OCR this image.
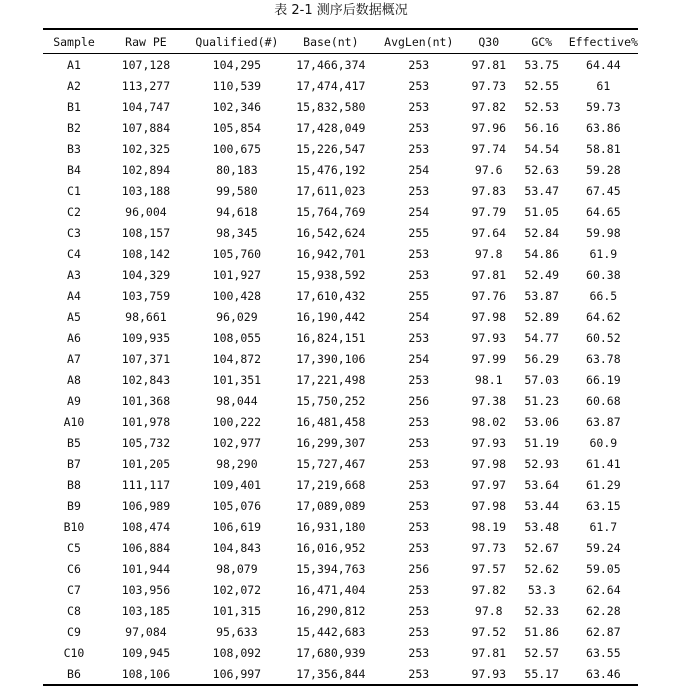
表 2-1 测序后数据概况
Sample	Raw PE	Qualified(#)	Base(nt)	AvgLen(nt)	Q30	GC%	Effective%
A1	107,128	104,295	17,466,374	253	97.81	53.75	64.44
A2	113,277	110,539	17,474,417	253	97.73	52.55	61
B1	104,747	102,346	15,832,580	253	97.82	52.53	59.73
B2	107,884	105,854	17,428,049	253	97.96	56.16	63.86
B3	102,325	100,675	15,226,547	253	97.74	54.54	58.81
B4	102,894	80,183	15,476,192	254	97.6	52.63	59.28
C1	103,188	99,580	17,611,023	253	97.83	53.47	67.45
C2	96,004	94,618	15,764,769	254	97.79	51.05	64.65
C3	108,157	98,345	16,542,624	255	97.64	52.84	59.98
C4	108,142	105,760	16,942,701	253	97.8	54.86	61.9
A3	104,329	101,927	15,938,592	253	97.81	52.49	60.38
A4	103,759	100,428	17,610,432	255	97.76	53.87	66.5
A5	98,661	96,029	16,190,442	254	97.98	52.89	64.62
A6	109,935	108,055	16,824,151	253	97.93	54.77	60.52
A7	107,371	104,872	17,390,106	254	97.99	56.29	63.78
A8	102,843	101,351	17,221,498	253	98.1	57.03	66.19
A9	101,368	98,044	15,750,252	256	97.38	51.23	60.68
A10	101,978	100,222	16,481,458	253	98.02	53.06	63.87
B5	105,732	102,977	16,299,307	253	97.93	51.19	60.9
B7	101,205	98,290	15,727,467	253	97.98	52.93	61.41
B8	111,117	109,401	17,219,668	253	97.97	53.64	61.29
B9	106,989	105,076	17,089,089	253	97.98	53.44	63.15
B10	108,474	106,619	16,931,180	253	98.19	53.48	61.7
C5	106,884	104,843	16,016,952	253	97.73	52.67	59.24
C6	101,944	98,079	15,394,763	256	97.57	52.62	59.05
C7	103,956	102,072	16,471,404	253	97.82	53.3	62.64
C8	103,185	101,315	16,290,812	253	97.8	52.33	62.28
C9	97,084	95,633	15,442,683	253	97.52	51.86	62.87
C10	109,945	108,092	17,680,939	253	97.81	52.57	63.55
B6	108,106	106,997	17,356,844	253	97.93	55.17	63.46
